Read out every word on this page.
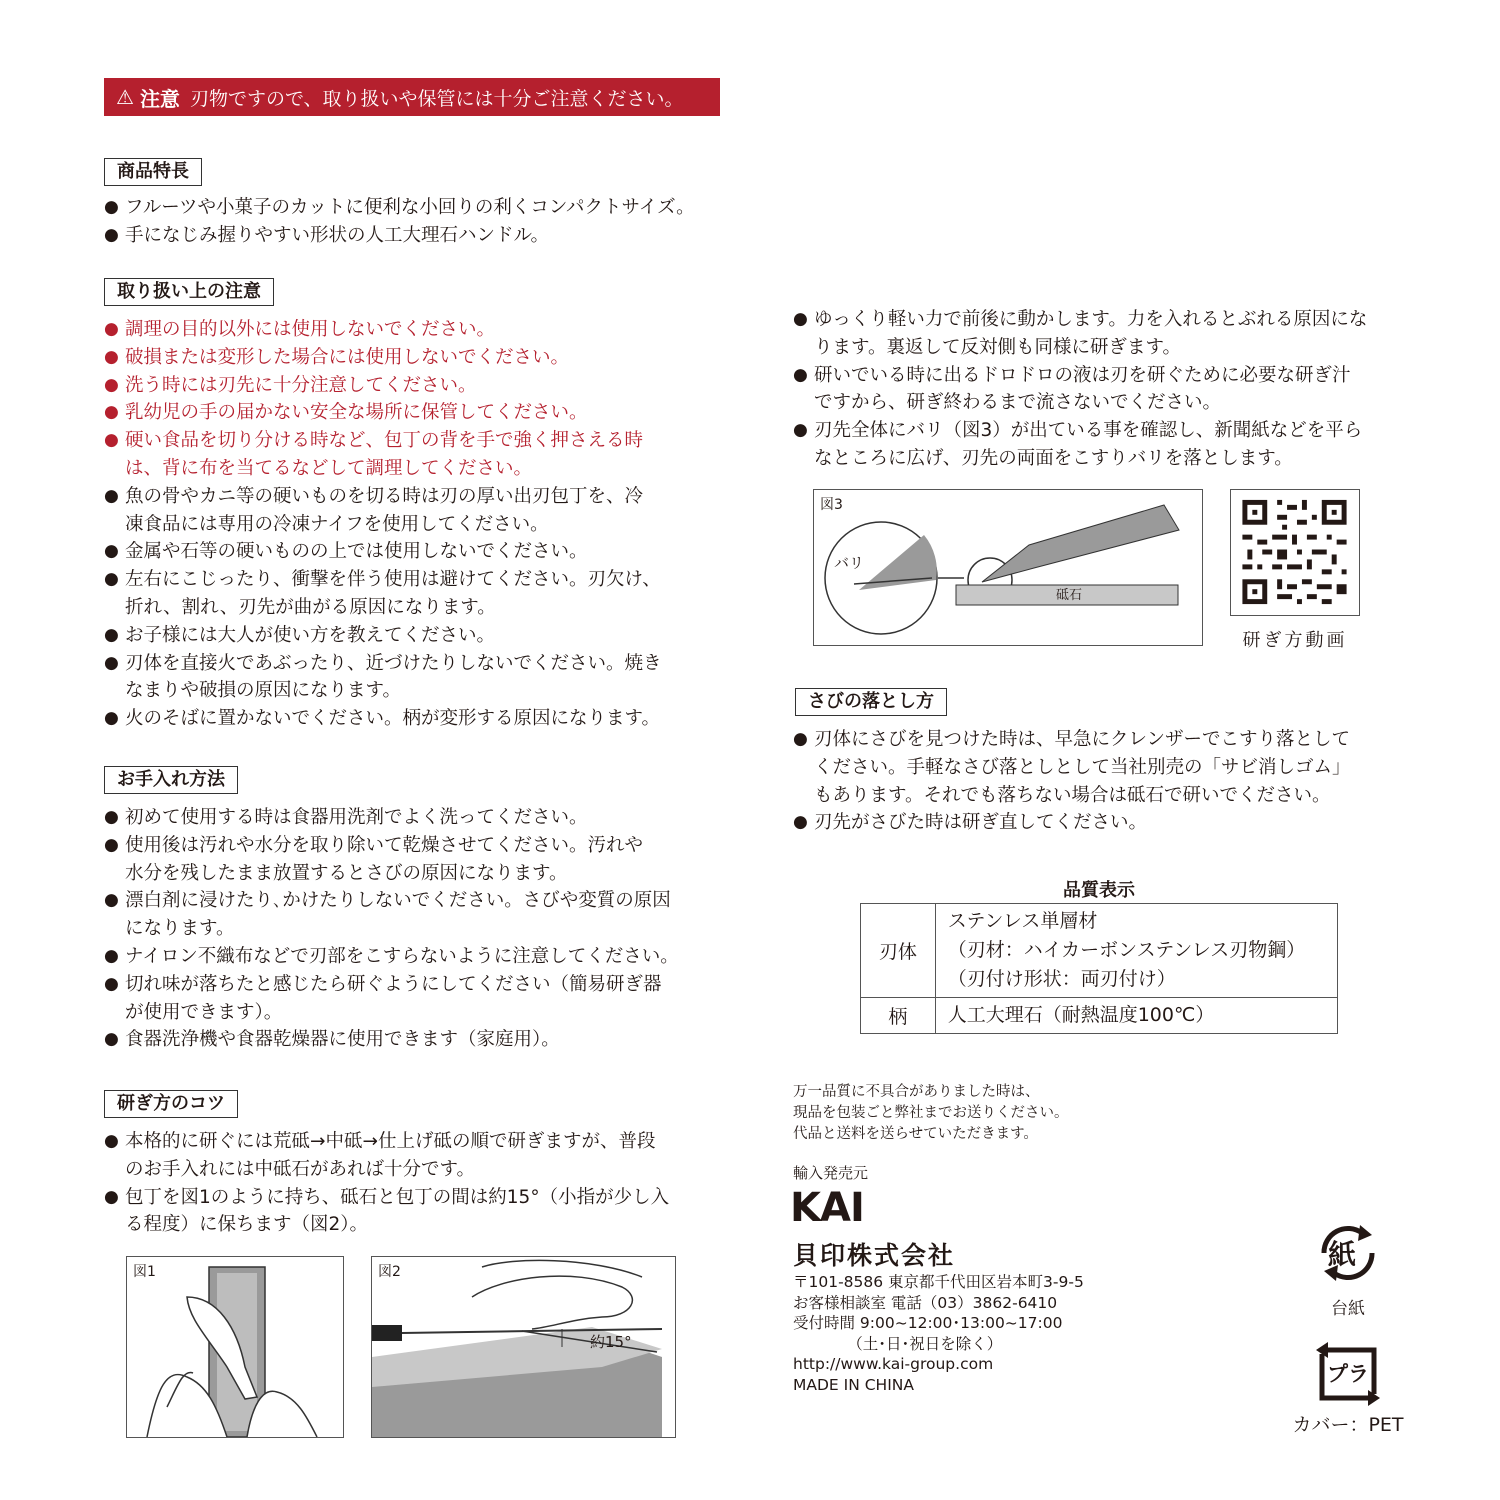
⚠ 注意 刃物ですので、取り扱いや保管には十分ご注意ください。
商品特長
● フルーツや小菓子のカットに便利な小回りの利くコンパクトサイズ。
● 手になじみ握りやすい形状の人工大理石ハンドル。
取り扱い上の注意
● 調理の目的以外には使用しないでください。
● 破損または変形した場合には使用しないでください。
● 洗う時には刃先に十分注意してください。
● 乳幼児の手の届かない安全な場所に保管してください。
● 硬い食品を切り分ける時など、包丁の背を手で強く押さえる時
は、背に布を当てるなどして調理してください。
● 魚の骨やカニ等の硬いものを切る時は刃の厚い出刃包丁を、冷
凍食品には専用の冷凍ナイフを使用してください。
● 金属や石等の硬いものの上では使用しないでください。
● 左右にこじったり、衝撃を伴う使用は避けてください。刃欠け、
折れ、割れ、刃先が曲がる原因になります。
● お子様には大人が使い方を教えてください。
● 刃体を直接火であぶったり、近づけたりしないでください。焼き
なまりや破損の原因になります。
● 火のそばに置かないでください。柄が変形する原因になります。
お手入れ方法
● 初めて使用する時は食器用洗剤でよく洗ってください。
● 使用後は汚れや水分を取り除いて乾燥させてください。汚れや
水分を残したまま放置するとさびの原因になります。
● 漂白剤に浸けたり､かけたりしないでください。さびや変質の原因
になります。
● ナイロン不織布などで刃部をこすらないように注意してください。
● 切れ味が落ちたと感じたら研ぐようにしてください（簡易研ぎ器
が使用できます）。
● 食器洗浄機や食器乾燥器に使用できます（家庭用）。
研ぎ方のコツ
● 本格的に研ぐには荒砥→中砥→仕上げ砥の順で研ぎますが、普段
のお手入れには中砥石があれば十分です。
● 包丁を図1のように持ち、砥石と包丁の間は約15°（小指が少し入
る程度）に保ちます（図2）。
図1	図2
約15°
● ゆっくり軽い力で前後に動かします。力を入れるとぶれる原因にな
ります。裏返して反対側も同様に研ぎます。
● 研いでいる時に出るドロドロの液は刃を研ぐために必要な研ぎ汁
ですから、研ぎ終わるまで流さないでください。
● 刃先全体にバリ（図3）が出ている事を確認し、新聞紙などを平ら
なところに広げ、刃先の両面をこすりバリを落とします。
図3
バリ
砥石
研ぎ方動画
さびの落とし方
● 刃体にさびを見つけた時は、早急にクレンザーでこすり落として
ください。手軽なさび落としとして当社別売の「サビ消しゴム」
もあります。それでも落ちない場合は砥石で研いでください。
● 刃先がさびた時は研ぎ直してください。
品質表示
刃体	ステンレス単層材
（刃材：ハイカーボンステンレス刃物鋼）
（刃付け形状：両刃付け）
柄	人工大理石（耐熱温度100℃）
万一品質に不具合がありました時は、
現品を包装ごと弊社までお送りください。
代品と送料を送らせていただきます。
輸入発売元
KAI
貝印株式会社
〒101-8586 東京都千代田区岩本町3-9-5
お客様相談室 電話（03）3862-6410
受付時間 9:00~12:00･13:00~17:00
　　　　（土･日･祝日を除く）
http://www.kai-group.com
MADE IN CHINA
紙
台紙
プラ
カバー：PET
